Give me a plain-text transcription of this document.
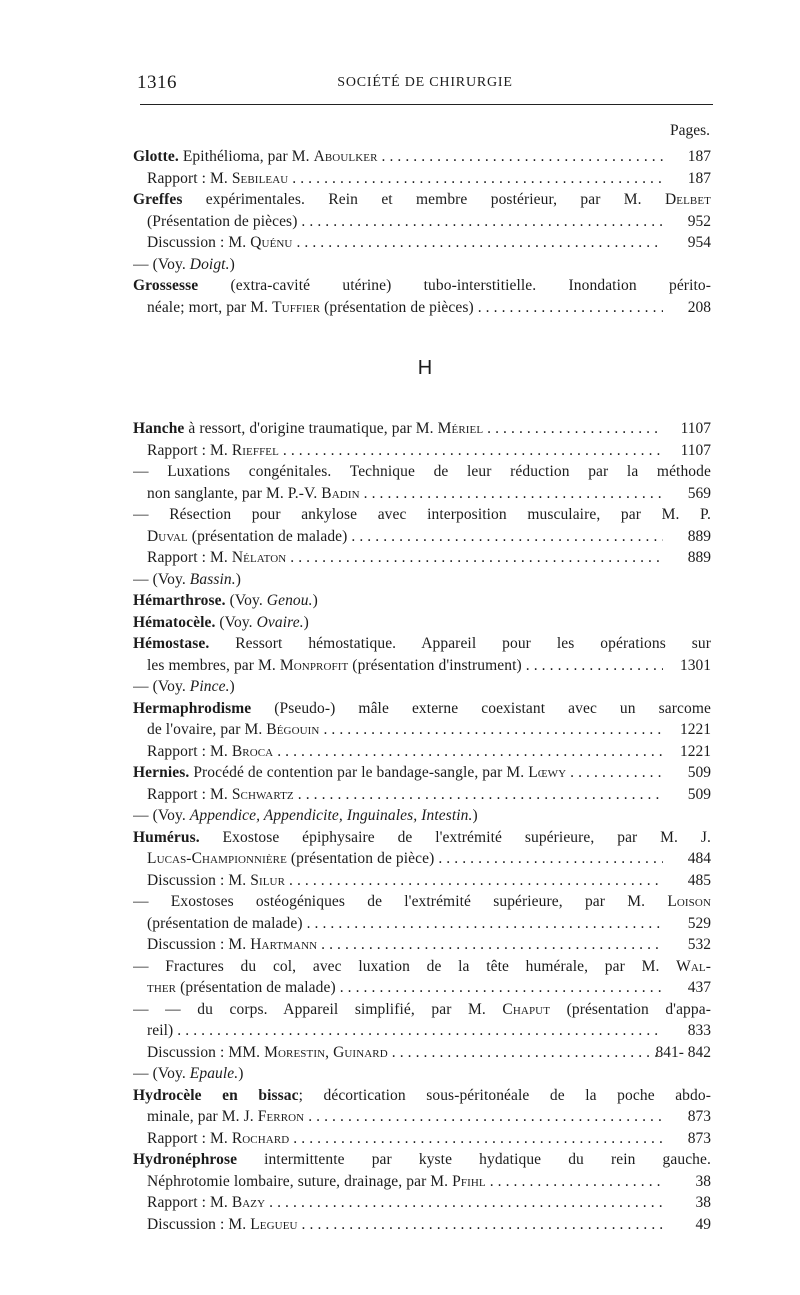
1316	SOCIÉTÉ DE CHIRURGIE
Pages.
Glotte. Epithélioma, par M. Aboulker . . .	187
Rapport : M. Sebileau . . .	187
Greffes expérimentales. Rein et membre postérieur, par M. Delbet
(Présentation de pièces) . . .	952
Discussion : M. Quénu . . .	954
— (Voy. Doigt.)
Grossesse (extra-cavité utérine) tubo-interstitielle. Inondation périto-
néale; mort, par M. Tuffier (présentation de pièces) . . .	208
H
Hanche à ressort, d'origine traumatique, par M. Mériel . . .	1107
Rapport : M. Rieffel . . .	1107
— Luxations congénitales. Technique de leur réduction par la méthode
non sanglante, par M. P.-V. Badin . . .	569
— Résection pour ankylose avec interposition musculaire, par M. P.
Duval (présentation de malade) . . .	889
Rapport : M. Nélaton . . .	889
— (Voy. Bassin.)
Hémarthrose. (Voy. Genou.)
Hématocèle. (Voy. Ovaire.)
Hémostase. Ressort hémostatique. Appareil pour les opérations sur
les membres, par M. Monprofit (présentation d'instrument) . . .	1301
— (Voy. Pince.)
Hermaphrodisme (Pseudo-) mâle externe coexistant avec un sarcome
de l'ovaire, par M. Bégouin . . .	1221
Rapport : M. Broca . . .	1221
Hernies. Procédé de contention par le bandage-sangle, par M. Lœwy . . .	509
Rapport : M. Schwartz . . .	509
— (Voy. Appendice, Appendicite, Inguinales, Intestin.)
Humérus. Exostose épiphysaire de l'extrémité supérieure, par M. J.
Lucas-Championnière (présentation de pièce) . . .	484
Discussion : M. Silur . . .	485
— Exostoses ostéogéniques de l'extrémité supérieure, par M. Loison
(présentation de malade) . . .	529
Discussion : M. Hartmann . . .	532
— Fractures du col, avec luxation de la tête humérale, par M. Wal-
ther (présentation de malade) . . .	437
— — du corps. Appareil simplifié, par M. Chaput (présentation d'appa-
reil) . . .	833
Discussion : MM. Morestin, Guinard . . .	841- 842
— (Voy. Epaule.)
Hydrocèle en bissac; décortication sous-péritonéale de la poche abdo-
minale, par M. J. Ferron . . .	873
Rapport : M. Rochard . . .	873
Hydronéphrose intermittente par kyste hydatique du rein gauche.
Néphrotomie lombaire, suture, drainage, par M. Pfihl . . .	38
Rapport : M. Bazy . . .	38
Discussion : M. Legueu . . .	49
